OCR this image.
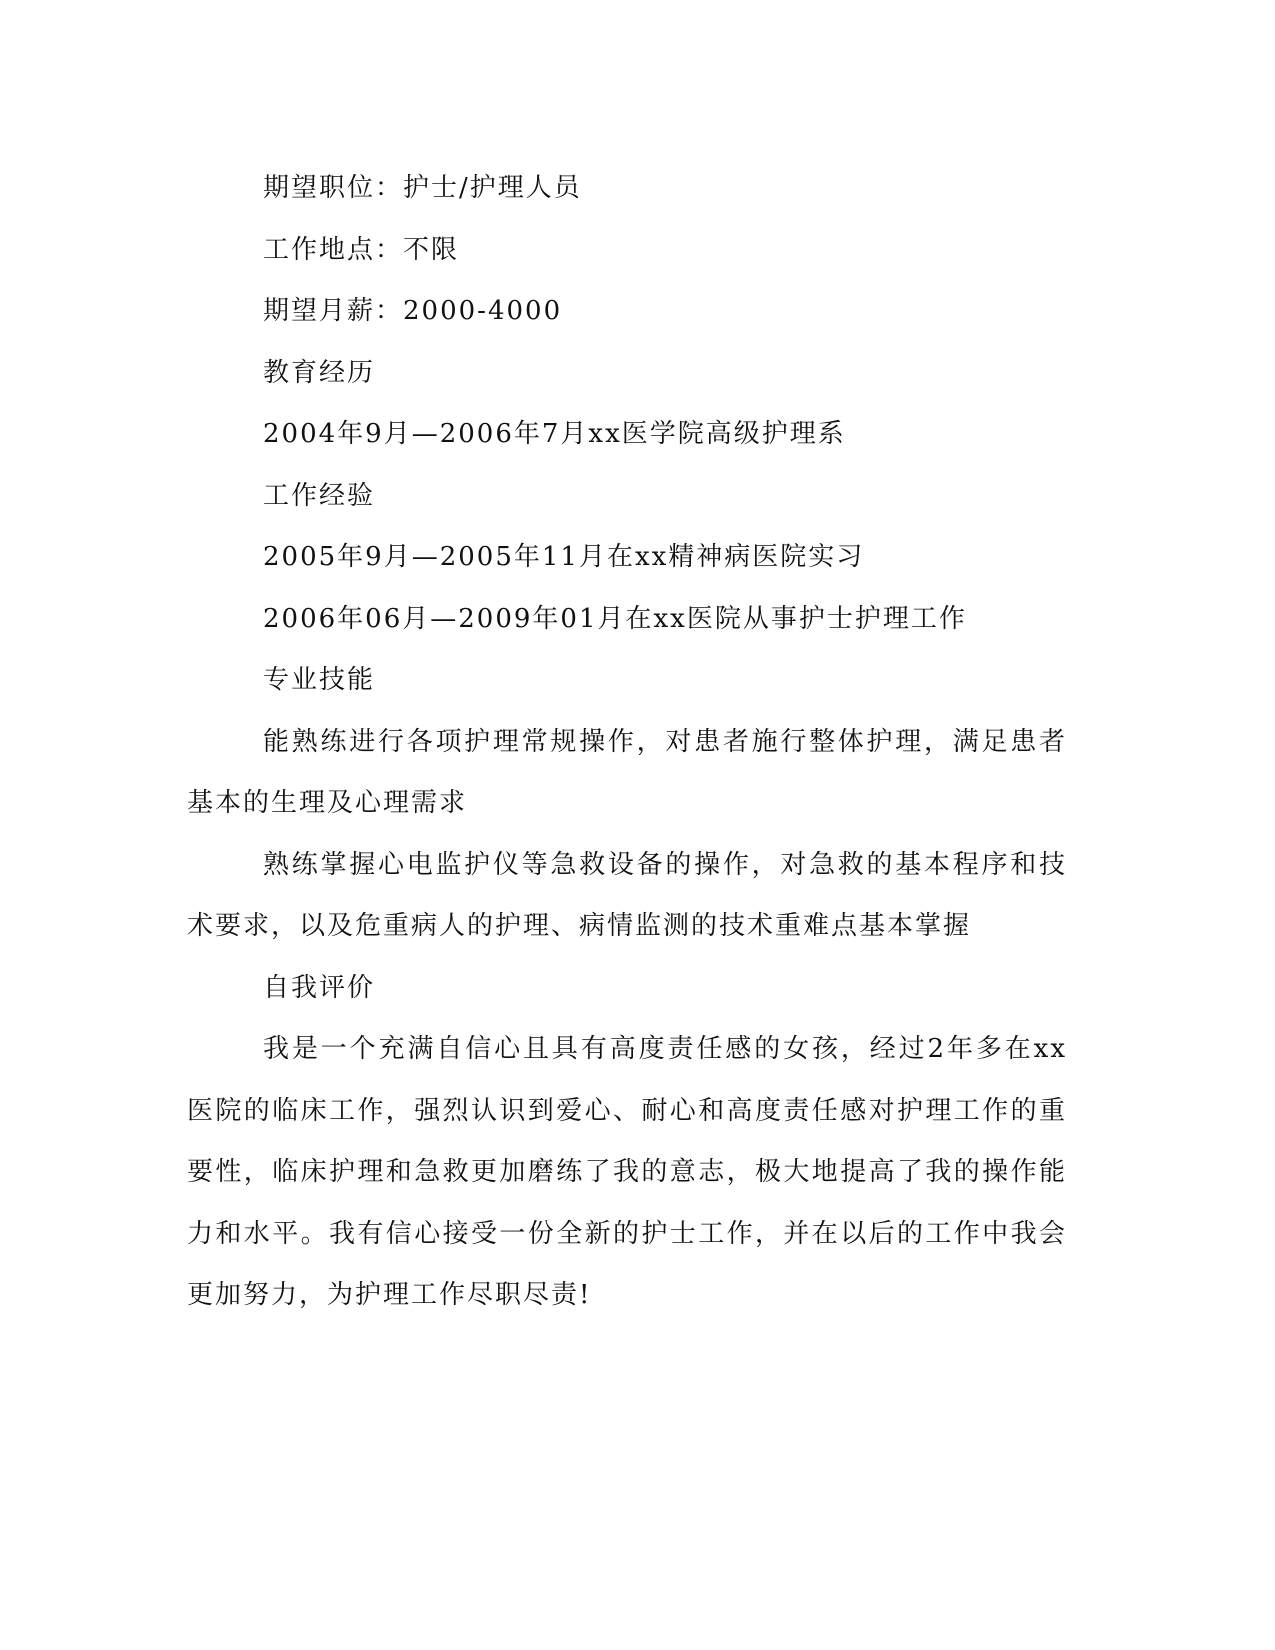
期望职位：护士/护理人员

工作地点：不限

期望月薪：2000-4000

教育经历

2004年9月—2006年7月xx医学院高级护理系

工作经验

2005年9月—2005年11月在xx精神病医院实习

2006年06月—2009年01月在xx医院从事护士护理工作

专业技能

能熟练进行各项护理常规操作，对患者施行整体护理，满足患者基本的生理及心理需求

熟练掌握心电监护仪等急救设备的操作，对急救的基本程序和技术要求，以及危重病人的护理、病情监测的技术重难点基本掌握

自我评价

我是一个充满自信心且具有高度责任感的女孩，经过2年多在xx医院的临床工作，强烈认识到爱心、耐心和高度责任感对护理工作的重要性，临床护理和急救更加磨练了我的意志，极大地提高了我的操作能力和水平。我有信心接受一份全新的护士工作，并在以后的工作中我会更加努力，为护理工作尽职尽责!
